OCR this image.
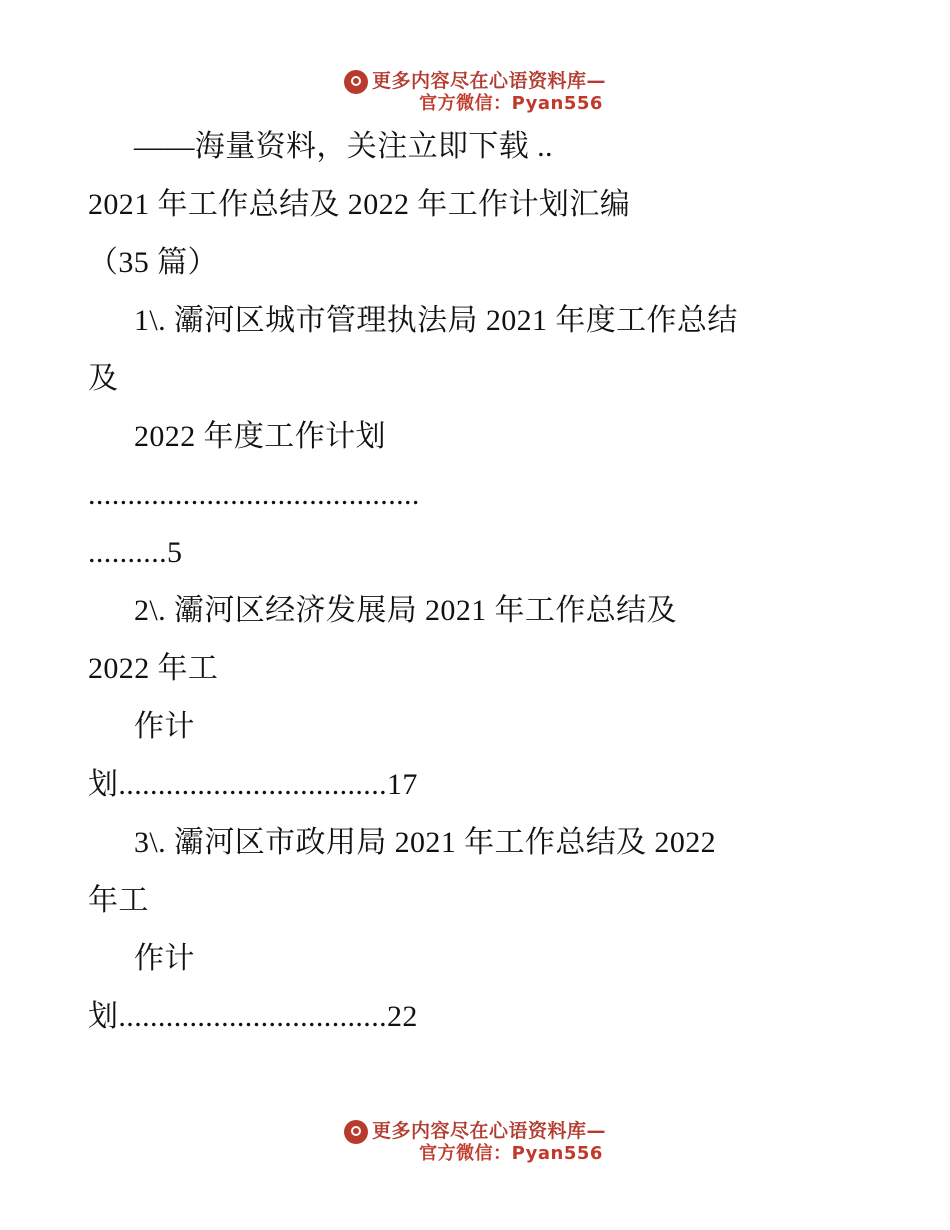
更多内容尽在心语资料库—
官方微信：Pyan556
——海量资料，关注立即下载 ..
2021 年工作总结及 2022 年工作计划汇编
（35 篇）
1\. 灞河区城市管理执法局 2021 年度工作总结
及
2022 年度工作计划
..........................................
..........5
2\. 灞河区经济发展局 2021 年工作总结及
2022 年工
作计
划..................................17
3\. 灞河区市政用局 2021 年工作总结及 2022
年工
作计
划..................................22
更多内容尽在心语资料库—
官方微信：Pyan556
